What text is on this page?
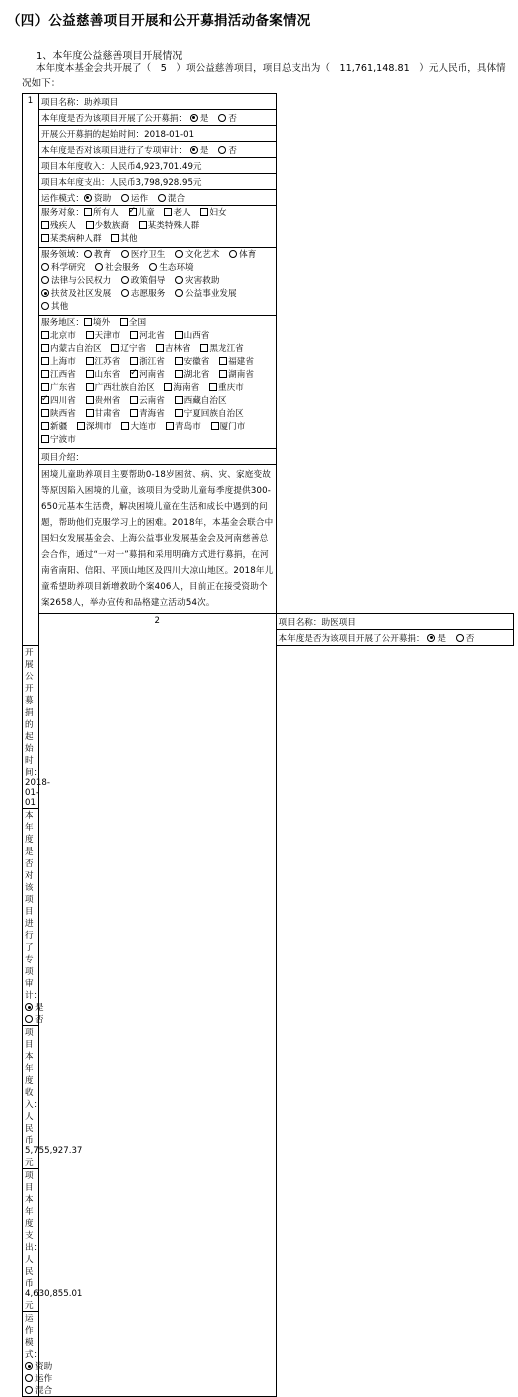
（四）公益慈善项目开展和公开募捐活动备案情况
1、本年度公益慈善项目开展情况
本年度本基金会共开展了（　5　）项公益慈善项目，项目总支出为（　11,761,148.81　）元人民币，具体情况如下：
1	项目名称：助养项目	
	本年度是否为该项目开展了公开募捐： 是 否	
	开展公开募捐的起始时间：2018-01-01	
	本年度是否对该项目进行了专项审计： 是 否	
	项目本年度收入：人民币4,923,701.49元	
	项目本年度支出：人民币3,798,928.95元	
	运作模式： 资助 运作 混合	
	服务对象： 所有人 ✓ 儿童 老人 妇女 残疾人 少数族裔 某类特殊人群 某类病种人群 其他
	服务领域： 教育 医疗卫生 文化艺术 体育 科学研究 社会服务 生态环境 法律与公民权力 政策倡导 灾害救助 扶贫及社区发展 志愿服务 公益事业发展 其他	
	服务地区： 境外 全国
北京市 天津市 河北省 山西省 内蒙古自治区 辽宁省 吉林省 黑龙江省 上海市 江苏省 浙江省 安徽省 福建省 江西省 山东省 ✓ 河南省 湖北省 湖南省 广东省 广西壮族自治区 海南省 重庆市 ✓四川省 贵州省 云南省 西藏自治区 陕西省 甘肃省 青海省 宁夏回族自治区 新疆 深圳市 大连市 青岛市 厦门市 宁波市
	项目介绍：	
	困境儿童助养项目主要帮助0-18岁困贫、病、灾、家庭变故等原因陷入困境的儿童，该项目为受助儿童每季度提供300-650元基本生活费，解决困境儿童在生活和成长中遇到的问题，帮助他们克服学习上的困难。2018年，本基金会联合中国妇女发展基金会、上海公益事业发展基金会及河南慈善总会合作，通过“一对一”募捐和采用明确方式进行募捐，在河南省南阳、信阳、平顶山地区及四川大凉山地区。2018年儿童希望助养项目新增救助个案406人，目前正在接受资助个案2658人，举办宣传和品格建立活动54次。	
	2	项目名称：助医项目
		本年度是否为该项目开展了公开募捐： 是 否
开展公开募捐的起始时间：2018-01-01		
本年度是否对该项目进行了专项审计： 是 否		
项目本年度收入：人民币5,755,927.37元		
项目本年度支出：人民币4,630,855.01元		
运作模式：资助 运作 混合		
